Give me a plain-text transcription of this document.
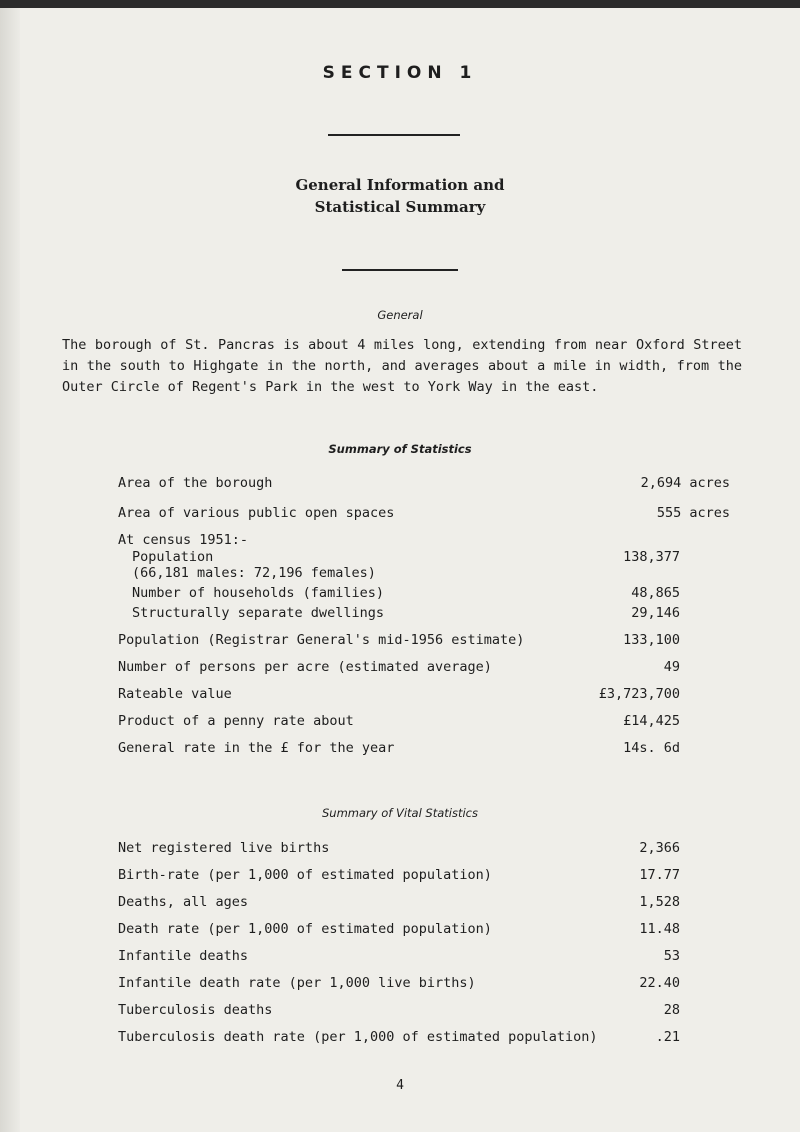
SECTION 1
General Information and
Statistical Summary
General

The borough of St. Pancras is about 4 miles long, extending from near Oxford Street in the south to Highgate in the north, and averages about a mile in width, from the Outer Circle of Regent's Park in the west to York Way in the east.

Summary of Statistics
Area of the borough	2,694 acres
Area of various public open spaces	555 acres
At census 1951:-
Population	138,377
(66,181 males: 72,196 females)
Number of households (families)	48,865
Structurally separate dwellings	29,146
Population (Registrar General's mid-1956 estimate)	133,100
Number of persons per acre (estimated average)	49
Rateable value	£3,723,700
Product of a penny rate about	£14,425
General rate in the £ for the year	14s. 6d
Summary of Vital Statistics
Net registered live births	2,366
Birth-rate (per 1,000 of estimated population)	17.77
Deaths, all ages	1,528
Death rate (per 1,000 of estimated population)	11.48
Infantile deaths	53
Infantile death rate (per 1,000 live births)	22.40
Tuberculosis deaths	28
Tuberculosis death rate (per 1,000 of estimated population)	.21
4
